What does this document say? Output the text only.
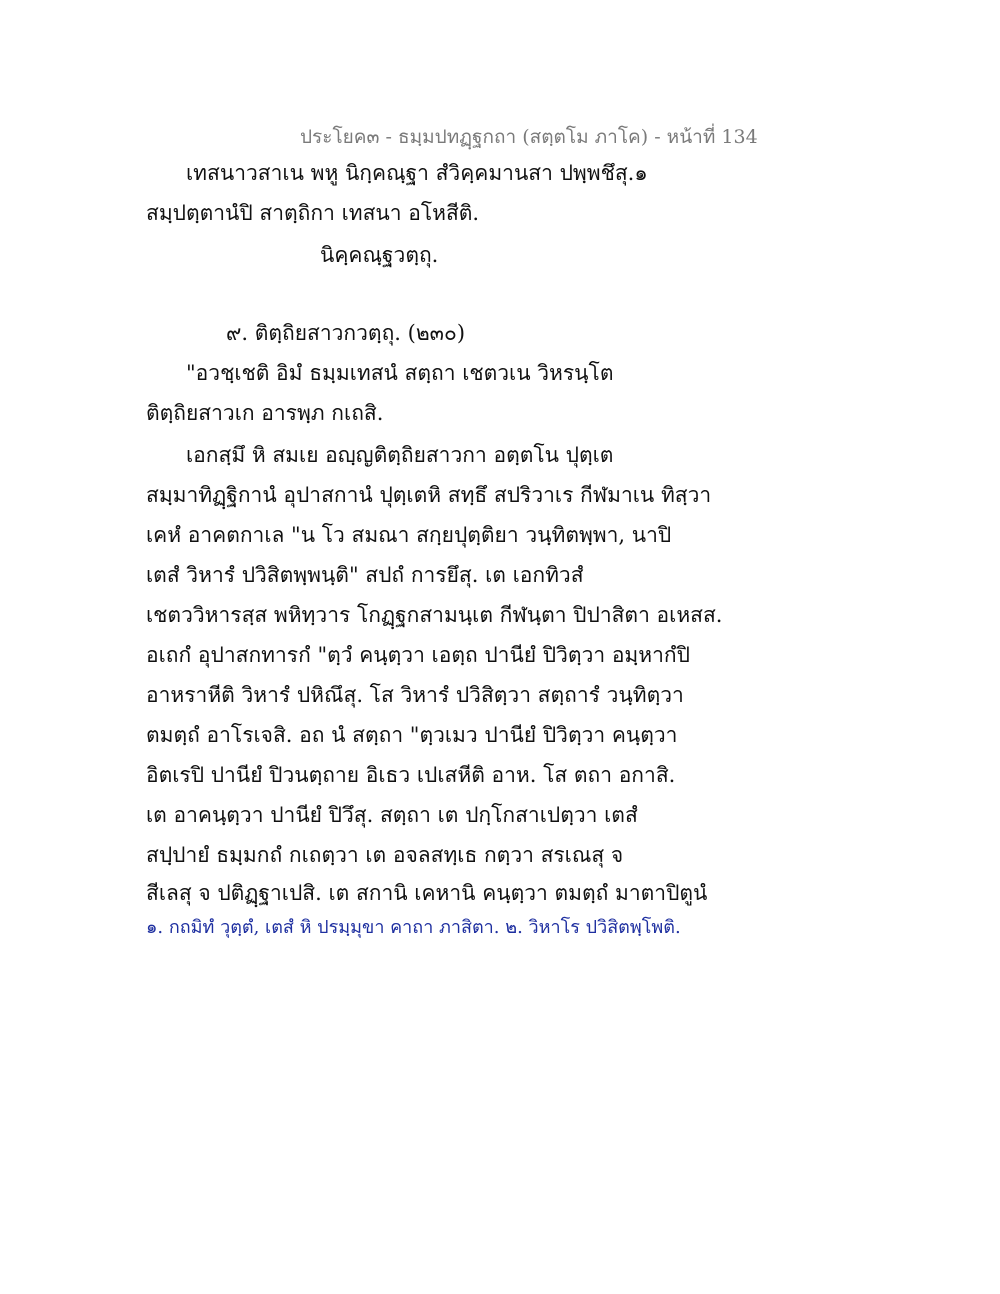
ประโยค๓ - ธมฺมปทฏฺฐกถา (สตฺตโม ภาโค) - หน้าที่ 134
เทสนาวสาเน พหู นิกฺคณฺฐา สํวิคฺคมานสา ปพฺพชึสุ.๑
สมฺปตฺตานํปิ สาตฺถิกา เทสนา อโหสีติ.
นิคฺคณฺฐวตฺถุ.
๙. ติตฺถิยสาวกวตฺถุ. (๒๓๐)
"อวชฺเชติ อิมํ ธมฺมเทสนํ สตฺถา เชตวเน วิหรนฺโต
ติตฺถิยสาวเก อารพฺภ กเถสิ.
เอกสฺมึ หิ สมเย อญฺญติตฺถิยสาวกา อตฺตโน ปุตฺเต
สมฺมาทิฏฺฐิกานํ อุปาสกานํ ปุตฺเตหิ สทฺธึ สปริวาเร กีฬมาเน ทิสฺวา
เคหํ อาคตกาเล "น โว สมณา สกฺยปุตฺติยา วนฺทิตพฺพา, นาปิ
เตสํ วิหารํ ปวิสิตพฺพนฺติ" สปถํ การยึสุ. เต เอกทิวสํ
เชตววิหารสฺส พหิทฺวาร โกฏฺฐกสามนฺเต กีฬนฺตา ปิปาสิตา อเหสส.
อเถกํ อุปาสกทารกํ "ตฺวํ คนฺตฺวา เอตฺถ ปานียํ ปิวิตฺวา อมฺหากํปิ
อาหราหีติ วิหารํ ปหิณึสุ. โส วิหารํ ปวิสิตฺวา สตฺถารํ วนฺทิตฺวา
ตมตฺถํ อาโรเจสิ. อถ นํ สตฺถา "ตฺวเมว ปานียํ ปิวิตฺวา คนฺตฺวา
อิตเรปิ ปานียํ ปิวนตฺถาย อิเธว เปเสหีติ อาห. โส ตถา อกาสิ.
เต อาคนฺตฺวา ปานียํ ปิวึสุ. สตฺถา เต ปกฺโกสาเปตฺวา เตสํ
สปฺปายํ ธมฺมกถํ กเถตฺวา เต อจลสทฺเธ กตฺวา สรเณสุ จ
สีเลสุ จ ปติฏฺฐาเปสิ. เต สกานิ เคหานิ คนฺตฺวา ตมตฺถํ มาตาปิตูนํ
๑. กถมิทํ วุตฺตํ, เตสํ หิ ปรมฺมุขา คาถา ภาสิตา. ๒. วิหาโร ปวิสิตพฺโพติ.
